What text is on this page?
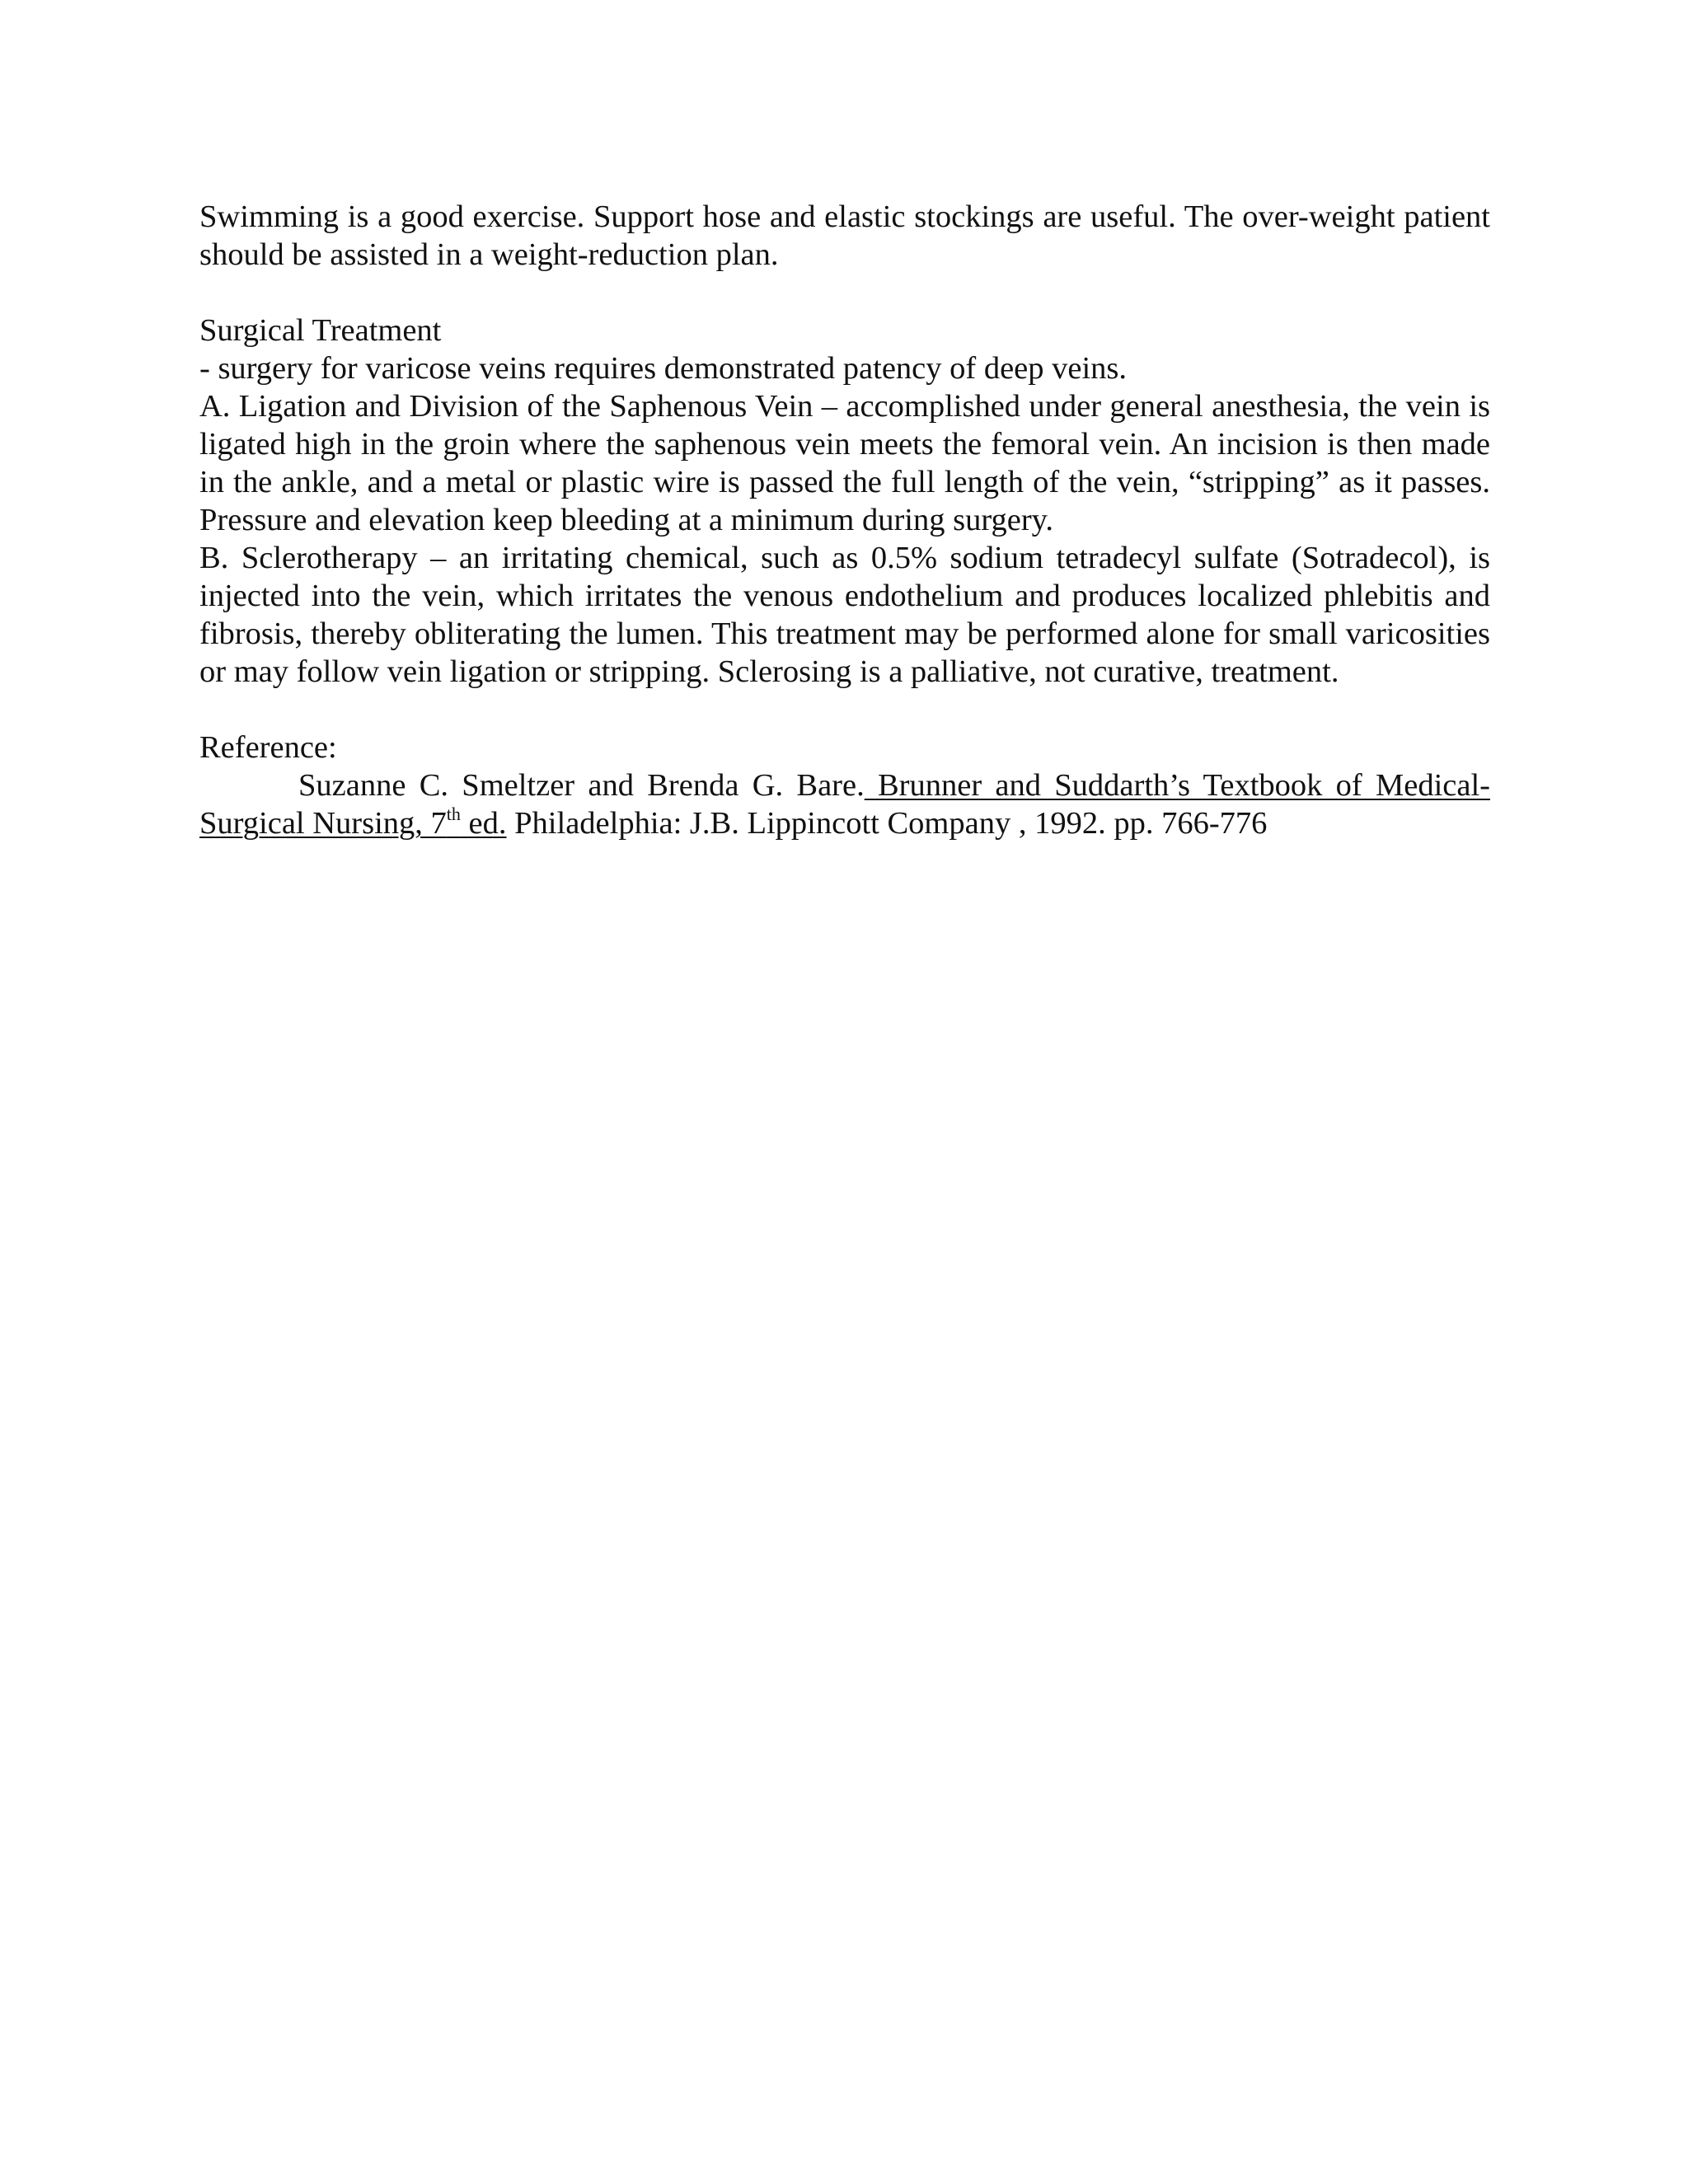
Swimming is a good exercise. Support hose and elastic stockings are useful. The over-weight patient should be assisted in a weight-reduction plan.

Surgical Treatment

- surgery for varicose veins requires demonstrated patency of deep veins.

A. Ligation and Division of the Saphenous Vein – accomplished under general anesthesia, the vein is ligated high in the groin where the saphenous vein meets the femoral vein. An incision is then made in the ankle, and a metal or plastic wire is passed the full length of the vein, “stripping” as it passes. Pressure and elevation keep bleeding at a minimum during surgery.

B. Sclerotherapy – an irritating chemical, such as 0.5% sodium tetradecyl sulfate (Sotradecol), is injected into the vein, which irritates the venous endothelium and produces localized phlebitis and fibrosis, thereby obliterating the lumen. This treatment may be performed alone for small varicosities or may follow vein ligation or stripping. Sclerosing is a palliative, not curative, treatment.

Reference:

Suzanne C. Smeltzer and Brenda G. Bare. Brunner and Suddarth’s Textbook of Medical-Surgical Nursing, 7th ed. Philadelphia: J.B. Lippincott Company , 1992. pp. 766-776
